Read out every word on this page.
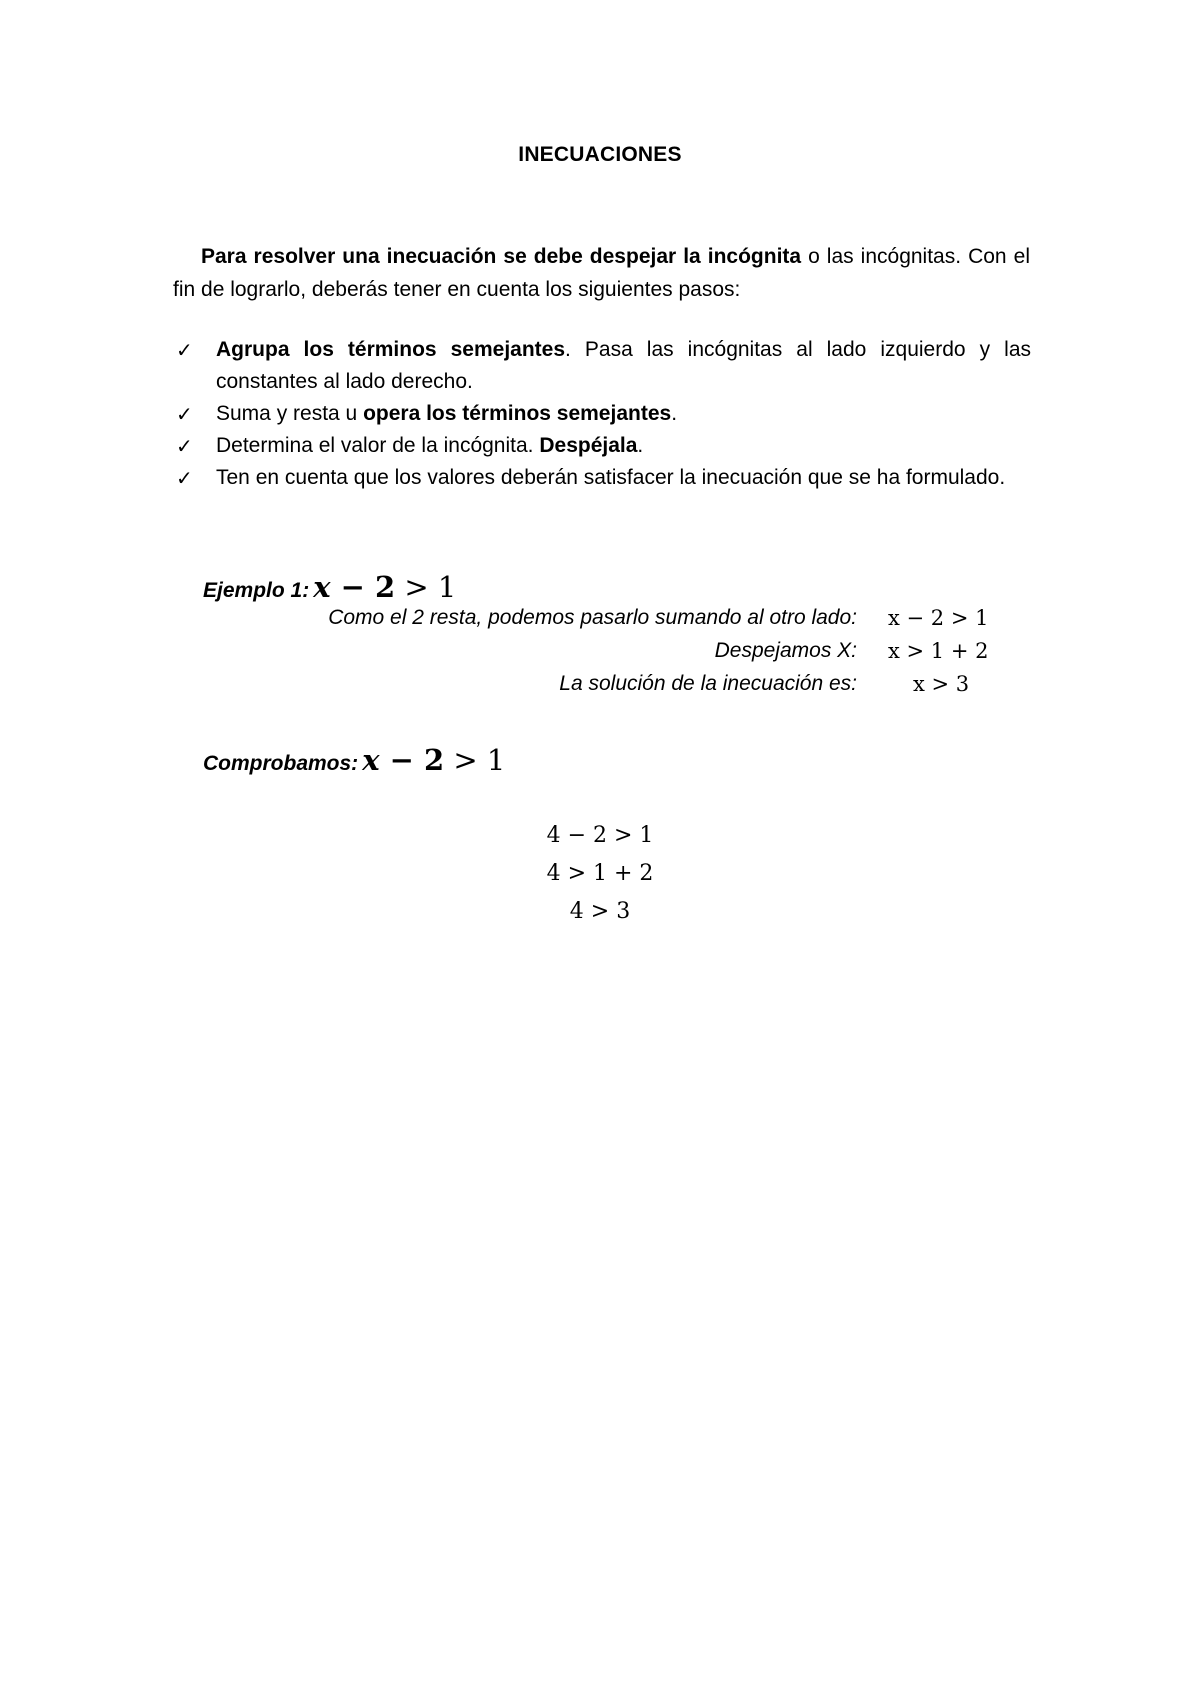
INECUACIONES

Para resolver una inecuación se debe despejar la incógnita o las incógnitas. Con el fin de lograrlo, deberás tener en cuenta los siguientes pasos:

✓ Agrupa los términos semejantes. Pasa las incógnitas al lado izquierdo y las constantes al lado derecho.
✓ Suma y resta u opera los términos semejantes.
✓ Determina el valor de la incógnita. Despéjala.
✓ Ten en cuenta que los valores deberán satisfacer la inecuación que se ha formulado.
Ejemplo 1: x − 2 > 1
Como el 2 resta, podemos pasarlo sumando al otro lado: x − 2 > 1
Despejamos X: x > 1 + 2
La solución de la inecuación es:	x > 3
Comprobamos: x − 2 > 1
4 − 2 > 1
4 > 1 + 2
4 > 3
